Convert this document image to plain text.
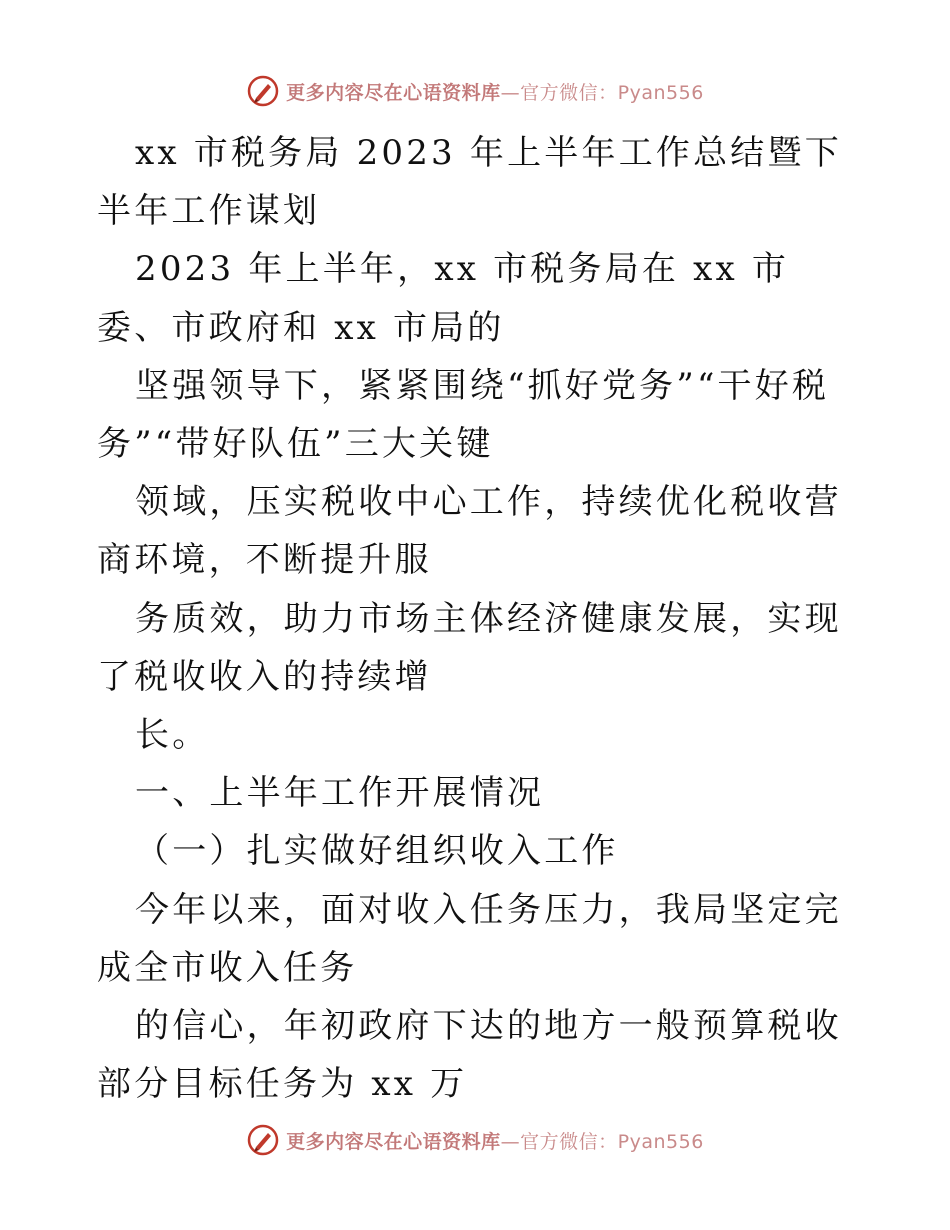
更多内容尽在心语资料库—官方微信：Pyan556

xx 市税务局 2023 年上半年工作总结暨下半年工作谋划

2023 年上半年，xx 市税务局在 xx 市委、市政府和 xx 市局的

坚强领导下，紧紧围绕“抓好党务”“干好税务”“带好队伍”三大关键

领域，压实税收中心工作，持续优化税收营商环境，不断提升服

务质效，助力市场主体经济健康发展，实现了税收收入的持续增

长。

一、上半年工作开展情况

（一）扎实做好组织收入工作

今年以来，面对收入任务压力，我局坚定完成全市收入任务

的信心，年初政府下达的地方一般预算税收部分目标任务为 xx 万

更多内容尽在心语资料库—官方微信：Pyan556
